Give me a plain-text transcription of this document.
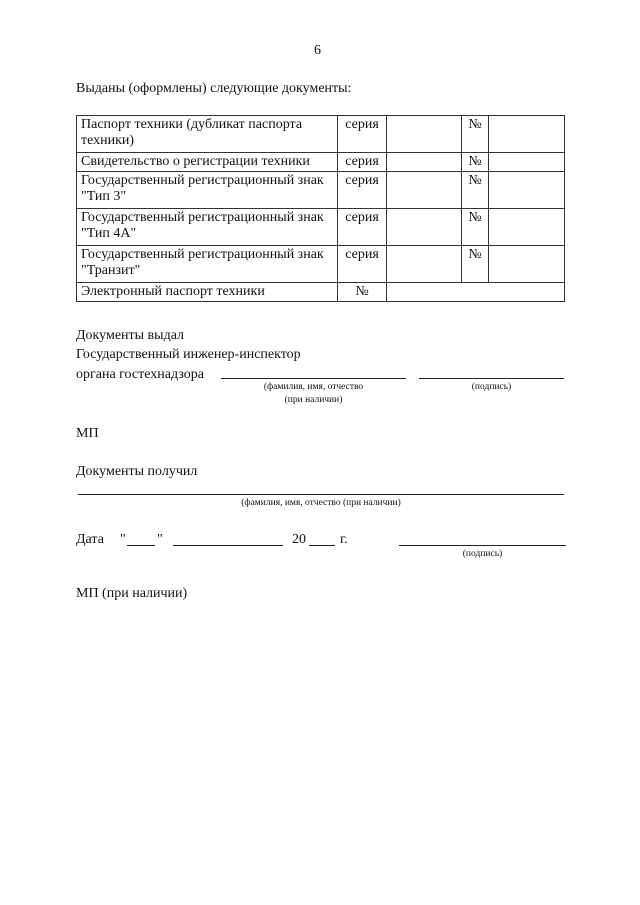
6
Выданы (оформлены) следующие документы:
Паспорт техники (дубликат паспорта техники)	серия		№	
Свидетельство о регистрации техники	серия		№	
Государственный регистрационный знак "Тип 3"	серия		№	
Государственный регистрационный знак "Тип 4А"	серия		№	
Государственный регистрационный знак "Транзит"	серия		№	
Электронный паспорт техники	№			
Документы выдал
Государственный инженер-инспектор
органа гостехнадзора
(фамилия, имя, отчество
(при наличии)
(подпись)
МП
Документы получил
(фамилия, имя, отчество (при наличии)
Дата " "	20 г.
(подпись)
МП (при наличии)
